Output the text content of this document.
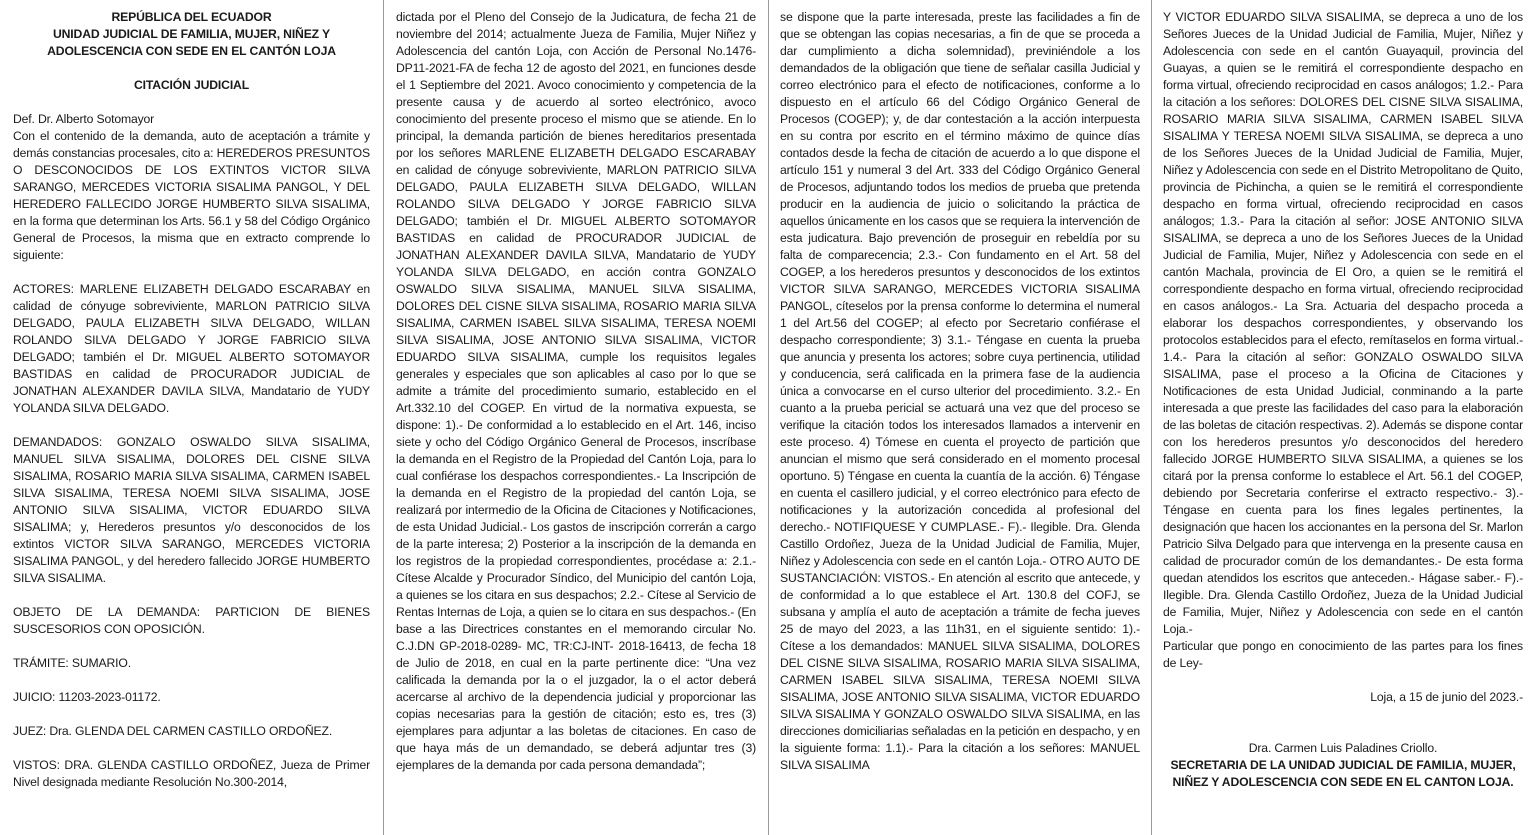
REPÚBLICA DEL ECUADOR
UNIDAD JUDICIAL DE FAMILIA, MUJER, NIÑEZ Y
ADOLESCENCIA CON SEDE EN EL CANTÓN LOJA
CITACIÓN JUDICIAL

Def. Dr. Alberto Sotomayor

Con el contenido de la demanda, auto de aceptación a trámite y demás constancias procesales, cito a: HEREDEROS PRESUNTOS O DESCONOCIDOS DE LOS EXTINTOS VICTOR SILVA SARANGO, MERCEDES VICTORIA SISALIMA PANGOL, Y DEL HEREDERO FALLECIDO JORGE HUMBERTO SILVA SISALIMA, en la forma que determinan los Arts. 56.1 y 58 del Código Orgánico General de Procesos, la misma que en extracto comprende lo siguiente:

ACTORES: MARLENE ELIZABETH DELGADO ESCARABAY en calidad de cónyuge sobreviviente, MARLON PATRICIO SILVA DELGADO, PAULA ELIZABETH SILVA DELGADO, WILLAN ROLANDO SILVA DELGADO Y JORGE FABRICIO SILVA DELGADO; también el Dr. MIGUEL ALBERTO SOTOMAYOR BASTIDAS en calidad de PROCURADOR JUDICIAL de JONATHAN ALEXANDER DAVILA SILVA, Mandatario de YUDY YOLANDA SILVA DELGADO.

DEMANDADOS: GONZALO OSWALDO SILVA SISALIMA, MANUEL SILVA SISALIMA, DOLORES DEL CISNE SILVA SISALIMA, ROSARIO MARIA SILVA SISALIMA, CARMEN ISABEL SILVA SISALIMA, TERESA NOEMI SILVA SISALIMA, JOSE ANTONIO SILVA SISALIMA, VICTOR EDUARDO SILVA SISALIMA; y, Herederos presuntos y/o desconocidos de los extintos VICTOR SILVA SARANGO, MERCEDES VICTORIA SISALIMA PANGOL, y del heredero fallecido JORGE HUMBERTO SILVA SISALIMA.

OBJETO DE LA DEMANDA: PARTICION DE BIENES SUSCESORIOS CON OPOSICIÓN.

TRÁMITE: SUMARIO.

JUICIO: 11203-2023-01172.

JUEZ: Dra. GLENDA DEL CARMEN CASTILLO ORDOÑEZ.

VISTOS: DRA. GLENDA CASTILLO ORDOÑEZ, Jueza de Primer Nivel designada mediante Resolución No.300-2014,

dictada por el Pleno del Consejo de la Judicatura, de fecha 21 de noviembre del 2014; actualmente Jueza de Familia, Mujer Niñez y Adolescencia del cantón Loja, con Acción de Personal No.1476-DP11-2021-FA de fecha 12 de agosto del 2021, en funciones desde el 1 Septiembre del 2021. Avoco conocimiento y competencia de la presente causa y de acuerdo al sorteo electrónico, avoco conocimiento del presente proceso el mismo que se atiende. En lo principal, la demanda partición de bienes hereditarios presentada por los señores MARLENE ELIZABETH DELGADO ESCARABAY en calidad de cónyuge sobreviviente, MARLON PATRICIO SILVA DELGADO, PAULA ELIZABETH SILVA DELGADO, WILLAN ROLANDO SILVA DELGADO Y JORGE FABRICIO SILVA DELGADO; también el Dr. MIGUEL ALBERTO SOTOMAYOR BASTIDAS en calidad de PROCURADOR JUDICIAL de JONATHAN ALEXANDER DAVILA SILVA, Mandatario de YUDY YOLANDA SILVA DELGADO, en acción contra GONZALO OSWALDO SILVA SISALIMA, MANUEL SILVA SISALIMA, DOLORES DEL CISNE SILVA SISALIMA, ROSARIO MARIA SILVA SISALIMA, CARMEN ISABEL SILVA SISALIMA, TERESA NOEMI SILVA SISALIMA, JOSE ANTONIO SILVA SISALIMA, VICTOR EDUARDO SILVA SISALIMA, cumple los requisitos legales generales y especiales que son aplicables al caso por lo que se admite a trámite del procedimiento sumario, establecido en el Art.332.10 del COGEP. En virtud de la normativa expuesta, se dispone: 1).- De conformidad a lo establecido en el Art. 146, inciso siete y ocho del Código Orgánico General de Procesos, inscríbase la demanda en el Registro de la Propiedad del Cantón Loja, para lo cual confiérase los despachos correspondientes.- La Inscripción de la demanda en el Registro de la propiedad del cantón Loja, se realizará por intermedio de la Oficina de Citaciones y Notificaciones, de esta Unidad Judicial.- Los gastos de inscripción correrán a cargo de la parte interesa; 2) Posterior a la inscripción de la demanda en los registros de la propiedad correspondientes, procédase a: 2.1.- Cítese Alcalde y Procurador Síndico, del Municipio del cantón Loja, a quienes se los citara en sus despachos; 2.2.- Cítese al Servicio de Rentas Internas de Loja, a quien se lo citara en sus despachos.- (En base a las Directrices constantes en el memorando circular No. C.J.DN GP-2018-0289- MC, TR:CJ-INT- 2018-16413, de fecha 18 de Julio de 2018, en cual en la parte pertinente dice: “Una vez calificada la demanda por la o el juzgador, la o el actor deberá acercarse al archivo de la dependencia judicial y proporcionar las copias necesarias para la gestión de citación; esto es, tres (3) ejemplares para adjuntar a las boletas de citaciones. En caso de que haya más de un demandado, se deberá adjuntar tres (3) ejemplares de la demanda por cada persona demandada”;

se dispone que la parte interesada, preste las facilidades a fin de que se obtengan las copias necesarias, a fin de que se proceda a dar cumplimiento a dicha solemnidad), previniéndole a los demandados de la obligación que tiene de señalar casilla Judicial y correo electrónico para el efecto de notificaciones, conforme a lo dispuesto en el artículo 66 del Código Orgánico General de Procesos (COGEP); y, de dar contestación a la acción interpuesta en su contra por escrito en el término máximo de quince días contados desde la fecha de citación de acuerdo a lo que dispone el artículo 151 y numeral 3 del Art. 333 del Código Orgánico General de Procesos, adjuntando todos los medios de prueba que pretenda producir en la audiencia de juicio o solicitando la práctica de aquellos únicamente en los casos que se requiera la intervención de esta judicatura. Bajo prevención de proseguir en rebeldía por su falta de comparecencia; 2.3.- Con fundamento en el Art. 58 del COGEP, a los herederos presuntos y desconocidos de los extintos VICTOR SILVA SARANGO, MERCEDES VICTORIA SISALIMA PANGOL, cíteselos por la prensa conforme lo determina el numeral 1 del Art.56 del COGEP; al efecto por Secretario confiérase el despacho correspondiente; 3) 3.1.- Téngase en cuenta la prueba que anuncia y presenta los actores; sobre cuya pertinencia, utilidad y conducencia, será calificada en la primera fase de la audiencia única a convocarse en el curso ulterior del procedimiento. 3.2.- En cuanto a la prueba pericial se actuará una vez que del proceso se verifique la citación todos los interesados llamados a intervenir en este proceso. 4) Tómese en cuenta el proyecto de partición que anuncian el mismo que será considerado en el momento procesal oportuno. 5) Téngase en cuenta la cuantía de la acción. 6) Téngase en cuenta el casillero judicial, y el correo electrónico para efecto de notificaciones y la autorización concedida al profesional del derecho.- NOTIFIQUESE Y CUMPLASE.- F).- Ilegible. Dra. Glenda Castillo Ordoñez, Jueza de la Unidad Judicial de Familia, Mujer, Niñez y Adolescencia con sede en el cantón Loja.- OTRO AUTO DE SUSTANCIACIÓN: VISTOS.- En atención al escrito que antecede, y de conformidad a lo que establece el Art. 130.8 del COFJ, se subsana y amplía el auto de aceptación a trámite de fecha jueves 25 de mayo del 2023, a las 11h31, en el siguiente sentido: 1).- Cítese a los demandados: MANUEL SILVA SISALIMA, DOLORES DEL CISNE SILVA SISALIMA, ROSARIO MARIA SILVA SISALIMA, CARMEN ISABEL SILVA SISALIMA, TERESA NOEMI SILVA SISALIMA, JOSE ANTONIO SILVA SISALIMA, VICTOR EDUARDO SILVA SISALIMA Y GONZALO OSWALDO SILVA SISALIMA, en las direcciones domiciliarias señaladas en la petición en despacho, y en la siguiente forma: 1.1).- Para la citación a los señores: MANUEL SILVA SISALIMA

Y VICTOR EDUARDO SILVA SISALIMA, se depreca a uno de los Señores Jueces de la Unidad Judicial de Familia, Mujer, Niñez y Adolescencia con sede en el cantón Guayaquil, provincia del Guayas, a quien se le remitirá el correspondiente despacho en forma virtual, ofreciendo reciprocidad en casos análogos; 1.2.- Para la citación a los señores: DOLORES DEL CISNE SILVA SISALIMA, ROSARIO MARIA SILVA SISALIMA, CARMEN ISABEL SILVA SISALIMA Y TERESA NOEMI SILVA SISALIMA, se depreca a uno de los Señores Jueces de la Unidad Judicial de Familia, Mujer, Niñez y Adolescencia con sede en el Distrito Metropolitano de Quito, provincia de Pichincha, a quien se le remitirá el correspondiente despacho en forma virtual, ofreciendo reciprocidad en casos análogos; 1.3.- Para la citación al señor: JOSE ANTONIO SILVA SISALIMA, se depreca a uno de los Señores Jueces de la Unidad Judicial de Familia, Mujer, Niñez y Adolescencia con sede en el cantón Machala, provincia de El Oro, a quien se le remitirá el correspondiente despacho en forma virtual, ofreciendo reciprocidad en casos análogos.- La Sra. Actuaria del despacho proceda a elaborar los despachos correspondientes, y observando los protocolos establecidos para el efecto, remítaselos en forma virtual.- 1.4.- Para la citación al señor: GONZALO OSWALDO SILVA SISALIMA, pase el proceso a la Oficina de Citaciones y Notificaciones de esta Unidad Judicial, conminando a la parte interesada a que preste las facilidades del caso para la elaboración de las boletas de citación respectivas. 2). Además se dispone contar con los herederos presuntos y/o desconocidos del heredero fallecido JORGE HUMBERTO SILVA SISALIMA, a quienes se los citará por la prensa conforme lo establece el Art. 56.1 del COGEP, debiendo por Secretaria conferirse el extracto respectivo.- 3).- Téngase en cuenta para los fines legales pertinentes, la designación que hacen los accionantes en la persona del Sr. Marlon Patricio Silva Delgado para que intervenga en la presente causa en calidad de procurador común de los demandantes.- De esta forma quedan atendidos los escritos que anteceden.- Hágase saber.- F).- Ilegible. Dra. Glenda Castillo Ordoñez, Jueza de la Unidad Judicial de Familia, Mujer, Niñez y Adolescencia con sede en el cantón Loja.-

Particular que pongo en conocimiento de las partes para los fines de Ley-

Loja, a 15 de junio del 2023.-

Dra. Carmen Luis Paladines Criollo.

SECRETARIA DE LA UNIDAD JUDICIAL DE FAMILIA, MUJER, NIÑEZ Y ADOLESCENCIA CON SEDE EN EL CANTON LOJA.
